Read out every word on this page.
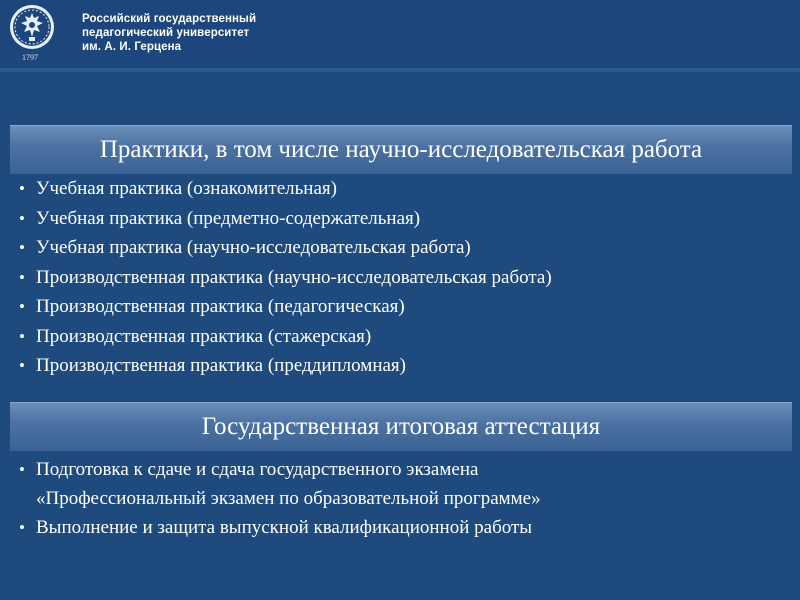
1797
Российский государственный
педагогический университет
им. А. И. Герцена
Практики, в том числе научно-исследовательская работа
• Учебная практика (ознакомительная)
• Учебная практика (предметно-содержательная)
• Учебная практика (научно-исследовательская работа)
• Производственная практика (научно-исследовательская работа)
• Производственная практика (педагогическая)
• Производственная практика (стажерская)
• Производственная практика (преддипломная)
Государственная итоговая аттестация
• Подготовка к сдаче и сдача государственного экзамена
«Профессиональный экзамен по образовательной программе»
• Выполнение и защита выпускной квалификационной работы
